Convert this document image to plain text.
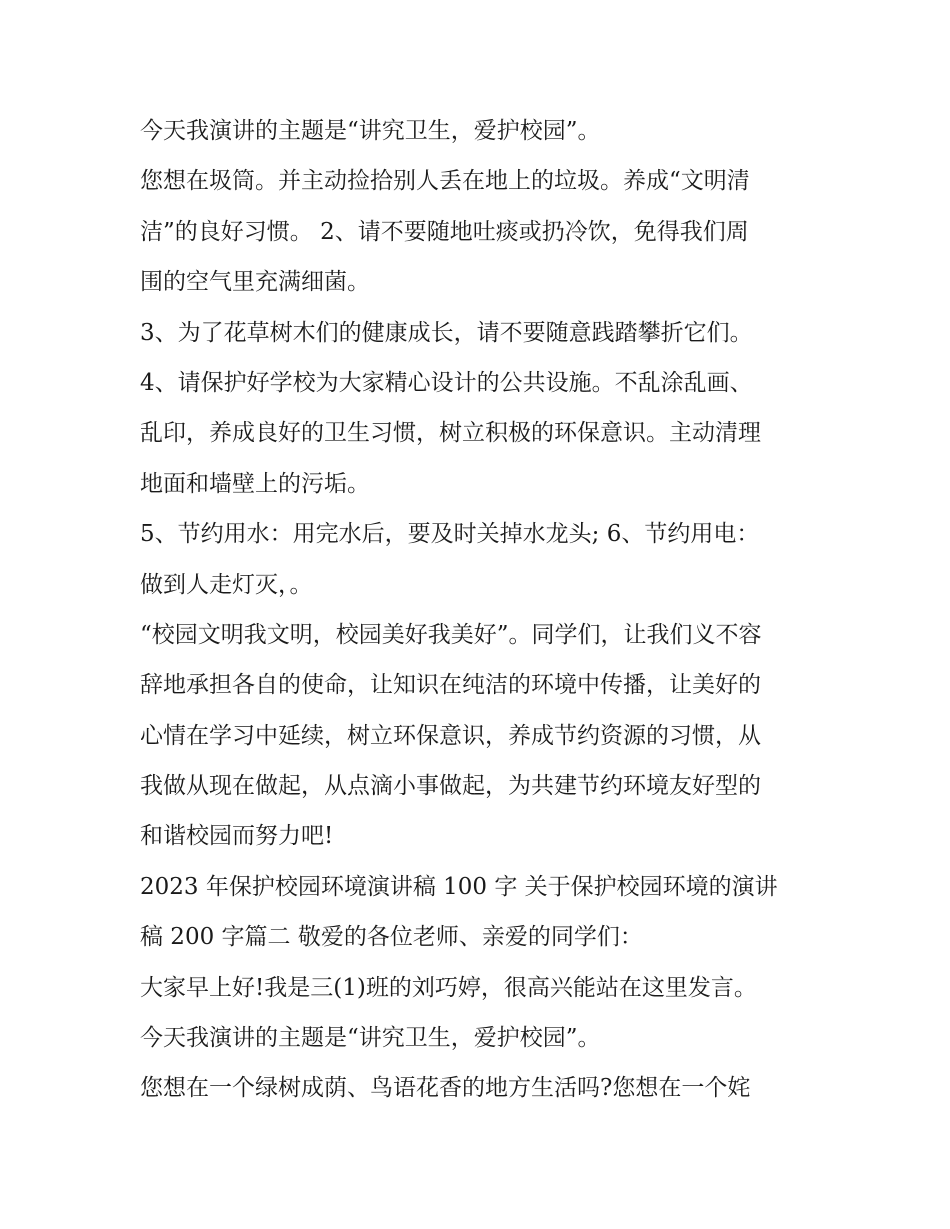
今天我演讲的主题是“讲究卫生，爱护校园”。

您想在圾筒。并主动捡拾别人丢在地上的垃圾。养成“文明清
洁”的良好习惯。 2、请不要随地吐痰或扔冷饮，免得我们周
围的空气里充满细菌。

3、为了花草树木们的健康成长，请不要随意践踏攀折它们。

4、请保护好学校为大家精心设计的公共设施。不乱涂乱画、
乱印，养成良好的卫生习惯，树立积极的环保意识。主动清理
地面和墙壁上的污垢。

5、节约用水：用完水后，要及时关掉水龙头; 6、节约用电：
做到人走灯灭，。

“校园文明我文明，校园美好我美好”。同学们，让我们义不容
辞地承担各自的使命，让知识在纯洁的环境中传播，让美好的
心情在学习中延续，树立环保意识，养成节约资源的习惯，从
我做从现在做起，从点滴小事做起，为共建节约环境友好型的
和谐校园而努力吧!

2023 年保护校园环境演讲稿 100 字 关于保护校园环境的演讲
稿 200 字篇二 敬爱的各位老师、亲爱的同学们：

大家早上好!我是三(1)班的刘巧婷，很高兴能站在这里发言。

今天我演讲的主题是“讲究卫生，爱护校园”。

您想在一个绿树成荫、鸟语花香的地方生活吗?您想在一个姹
